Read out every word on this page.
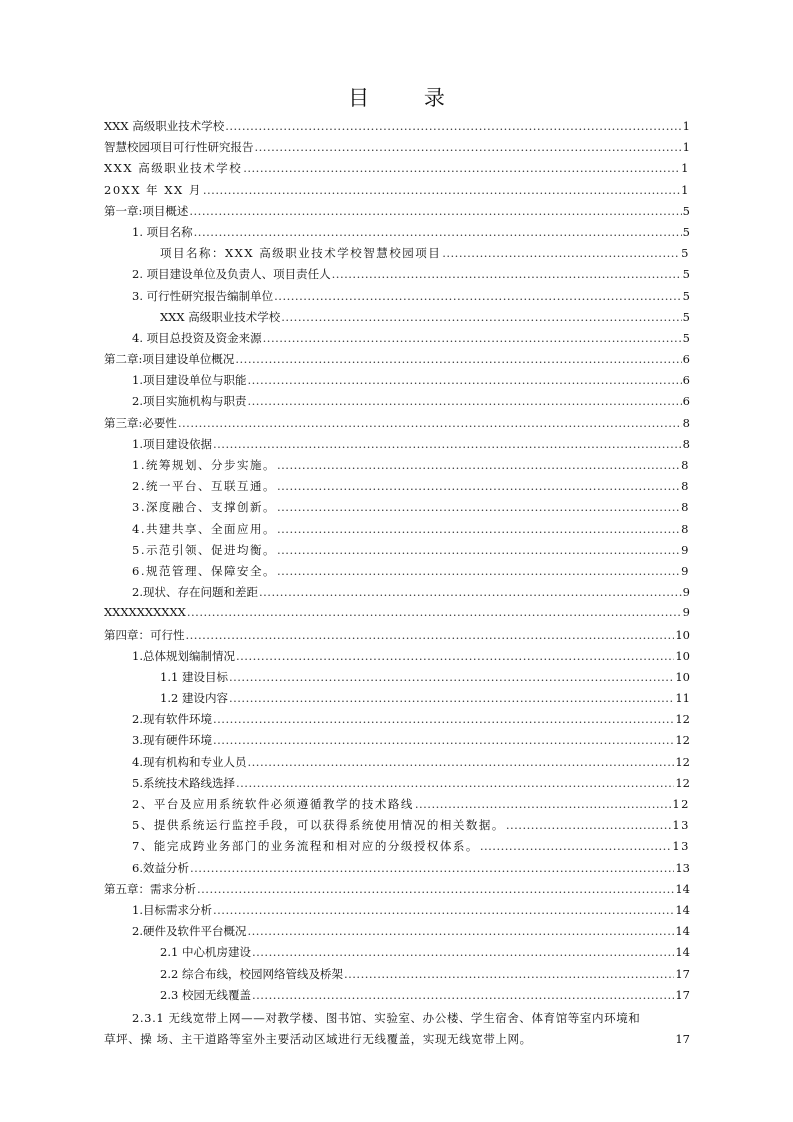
目 录
XXX 高级职业技术学校 .....	1
智慧校园项目可行性研究报告 .....	1
XXX 高级职业技术学校 .....	1
20XX 年 XX 月 .....	1
第一章:项目概述 .....	5
1. 项目名称 .....	5
项目名称：XXX 高级职业技术学校智慧校园项目 .....	5
2. 项目建设单位及负责人、项目责任人 .....	5
3. 可行性研究报告编制单位 .....	5
XXX 高级职业技术学校 .....	5
4. 项目总投资及资金来源 .....	5
第二章:项目建设单位概况 .....	6
1.项目建设单位与职能 .....	6
2.项目实施机构与职责 .....	6
第三章:必要性 .....	8
1.项目建设依据 .....	8
1.统筹规划、分步实施。 .....	8
2.统一平台、互联互通。 .....	8
3.深度融合、支撑创新。 .....	8
4.共建共享、全面应用。 .....	8
5.示范引领、促进均衡。 .....	9
6.规范管理、保障安全。 .....	9
2.现状、存在问题和差距 .....	9
XXXXXXXXXX .....	9
第四章：可行性 .....	10
1.总体规划编制情况 .....	10
1.1 建设目标 .....	10
1.2 建设内容 .....	11
2.现有软件环境 .....	12
3.现有硬件环境 .....	12
4.现有机构和专业人员 .....	12
5.系统技术路线选择 .....	12
2、平台及应用系统软件必须遵循教学的技术路线 .....	12
5、提供系统运行监控手段，可以获得系统使用情况的相关数据。 .....	13
7、能完成跨业务部门的业务流程和相对应的分级授权体系。 .....	13
6.效益分析 .....	13
第五章：需求分析 .....	14
1.目标需求分析 .....	14
2.硬件及软件平台概况 .....	14
2.1 中心机房建设 .....	14
2.2 综合布线，校园网络管线及桥架 .....	17
2.3 校园无线覆盖 .....	17
2.3.1 无线宽带上网——对教学楼、图书馆、实验室、办公楼、学生宿舍、体育馆等室内环境和
草坪、操 场、主干道路等室外主要活动区域进行无线覆盖，实现无线宽带上网。	17
